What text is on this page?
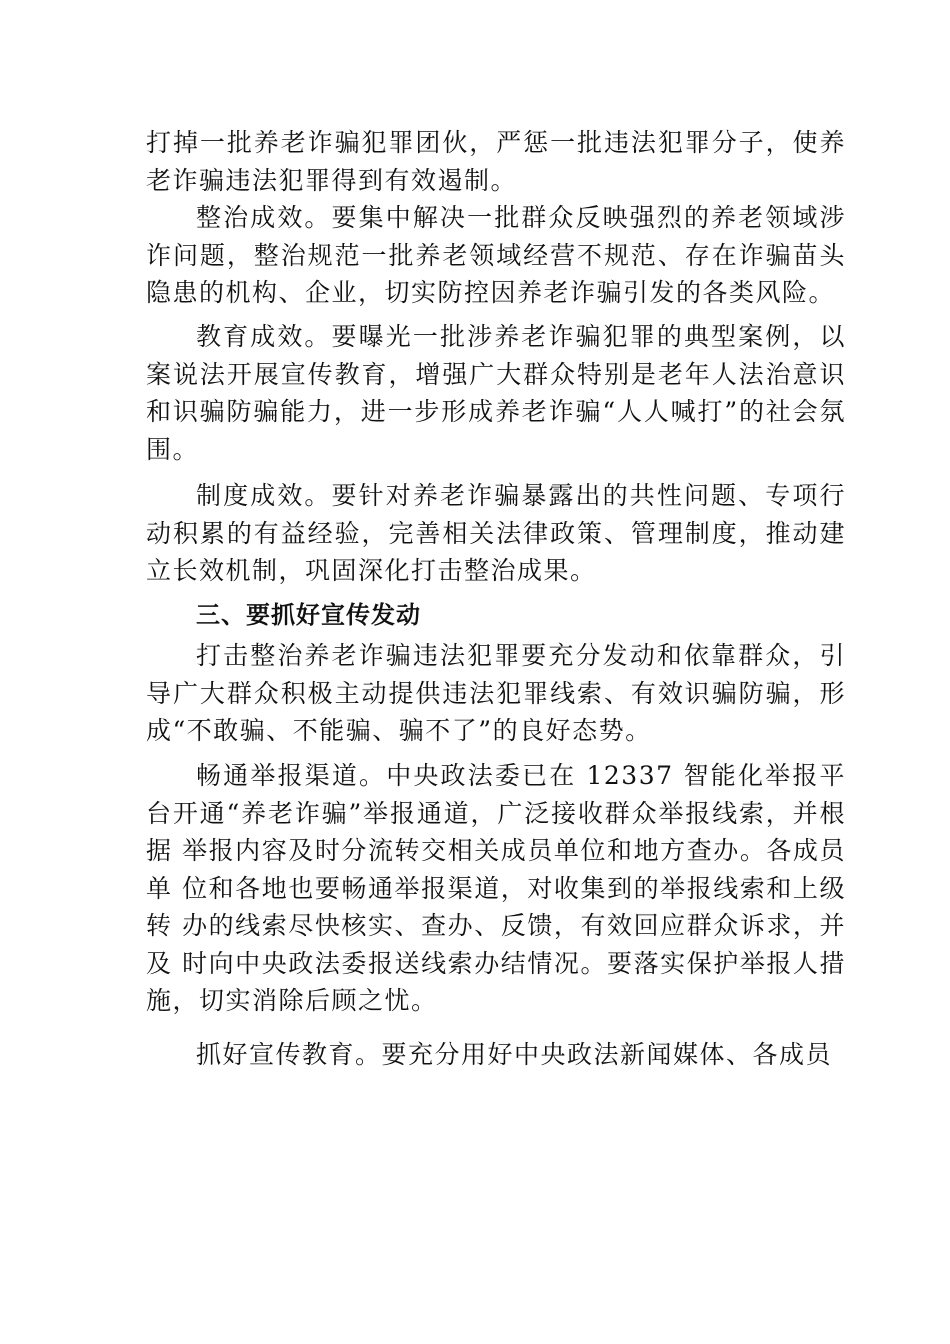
打掉一批养老诈骗犯罪团伙，严惩一批违法犯罪分子，使养老诈骗违法犯罪得到有效遏制。

整治成效。要集中解决一批群众反映强烈的养老领域涉诈问题，整治规范一批养老领域经营不规范、存在诈骗苗头隐患的机构、企业，切实防控因养老诈骗引发的各类风险。

教育成效。要曝光一批涉养老诈骗犯罪的典型案例，以案说法开展宣传教育，增强广大群众特别是老年人法治意识和识骗防骗能力，进一步形成养老诈骗“人人喊打”的社会氛围。

制度成效。要针对养老诈骗暴露出的共性问题、专项行动积累的有益经验，完善相关法律政策、管理制度，推动建立长效机制，巩固深化打击整治成果。

三、要抓好宣传发动

打击整治养老诈骗违法犯罪要充分发动和依靠群众，引导广大群众积极主动提供违法犯罪线索、有效识骗防骗，形成“不敢骗、不能骗、骗不了”的良好态势。

畅通举报渠道。中央政法委已在 12337 智能化举报平台开通“养老诈骗”举报通道，广泛接收群众举报线索，并根据 举报内容及时分流转交相关成员单位和地方查办。各成员单 位和各地也要畅通举报渠道，对收集到的举报线索和上级转 办的线索尽快核实、查办、反馈，有效回应群众诉求，并及 时向中央政法委报送线索办结情况。要落实保护举报人措施，切实消除后顾之忧。

抓好宣传教育。要充分用好中央政法新闻媒体、各成员
